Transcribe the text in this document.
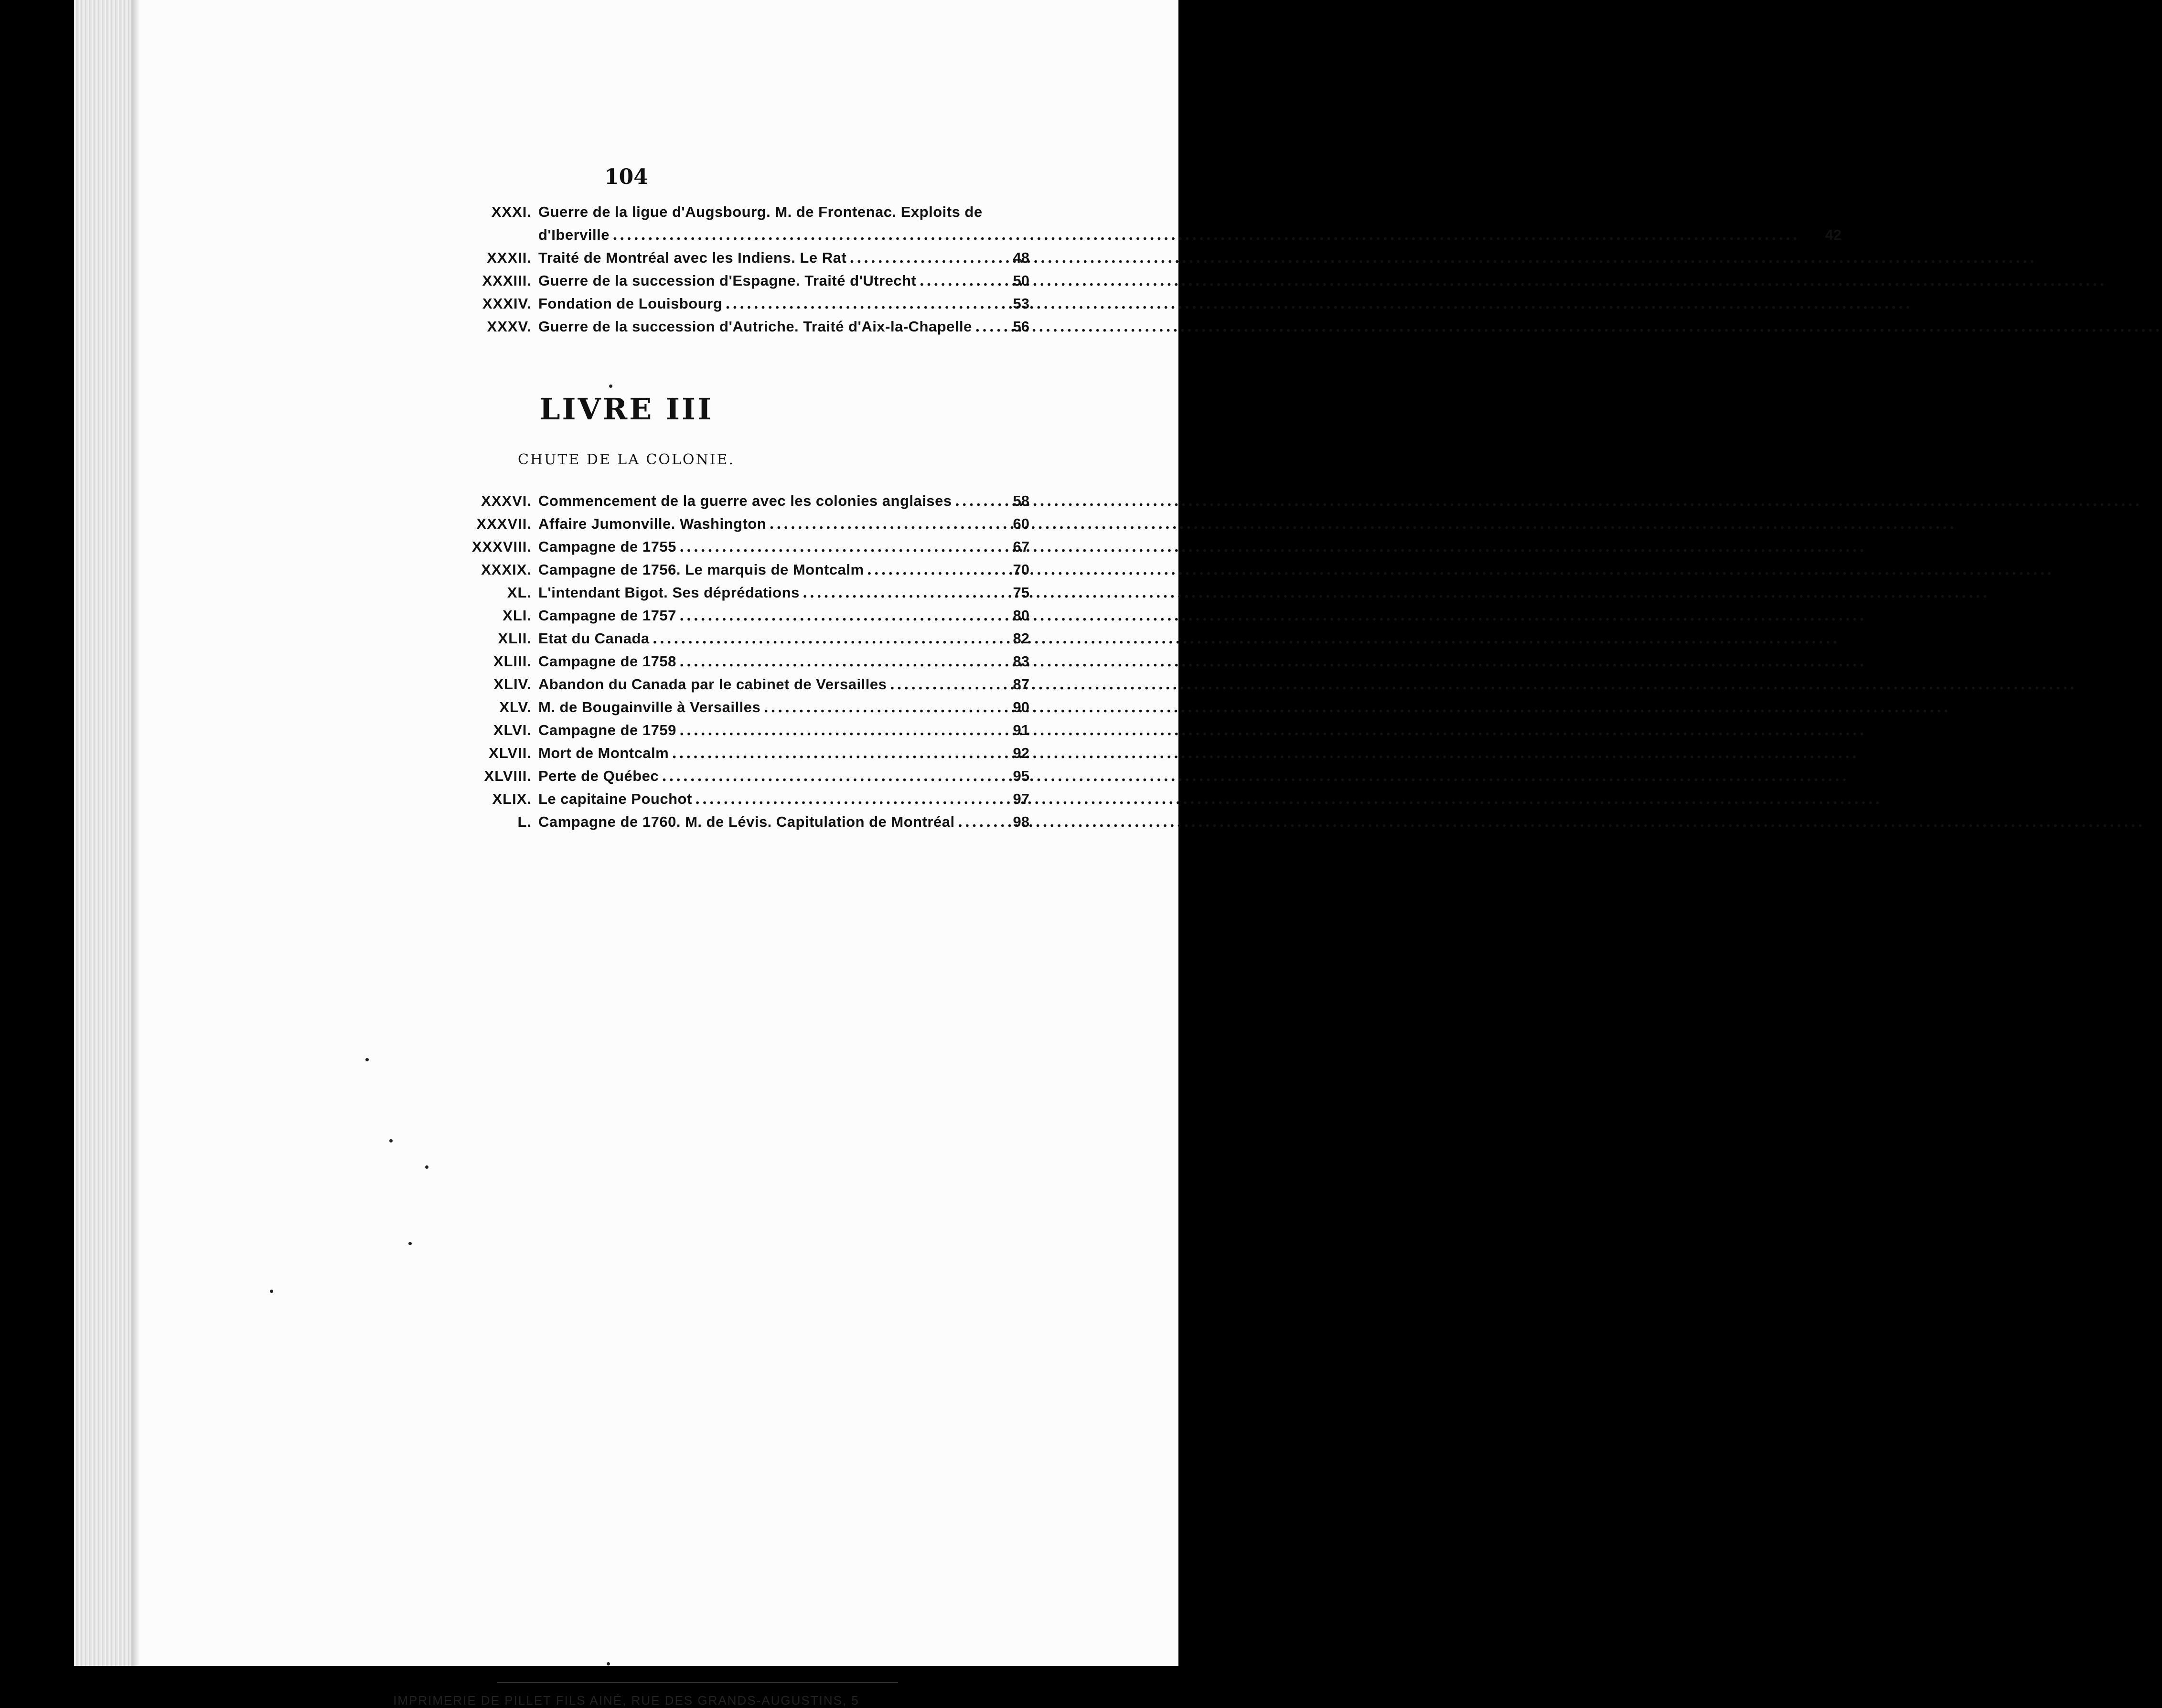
104
XXXI. Guerre de la ligue d'Augsbourg. M. de Frontenac. Exploits de
d'Iberville .....	42
XXXII. Traité de Montréal avec les Indiens. Le Rat .....	48
XXXIII. Guerre de la succession d'Espagne. Traité d'Utrecht .....	50
XXXIV. Fondation de Louisbourg .....	53
XXXV. Guerre de la succession d'Autriche. Traité d'Aix-la-Chapelle .....	56
LIVRE III
CHUTE DE LA COLONIE.
XXXVI. Commencement de la guerre avec les colonies anglaises .....	58
XXXVII. Affaire Jumonville. Washington .....	60
XXXVIII. Campagne de 1755 .....	67
XXXIX. Campagne de 1756. Le marquis de Montcalm .....	70
XL. L'intendant Bigot. Ses déprédations .....	75
XLI. Campagne de 1757 .....	80
XLII. Etat du Canada .....	82
XLIII. Campagne de 1758 .....	83
XLIV. Abandon du Canada par le cabinet de Versailles .....	87
XLV. M. de Bougainville à Versailles .....	90
XLVI. Campagne de 1759 .....	91
XLVII. Mort de Montcalm .....	92
XLVIII. Perte de Québec .....	95
XLIX. Le capitaine Pouchot .....	97
L. Campagne de 1760. M. de Lévis. Capitulation de Montréal .....	98
IMPRIMERIE DE PILLET FILS AINÉ, RUE DES GRANDS-AUGUSTINS, 5
